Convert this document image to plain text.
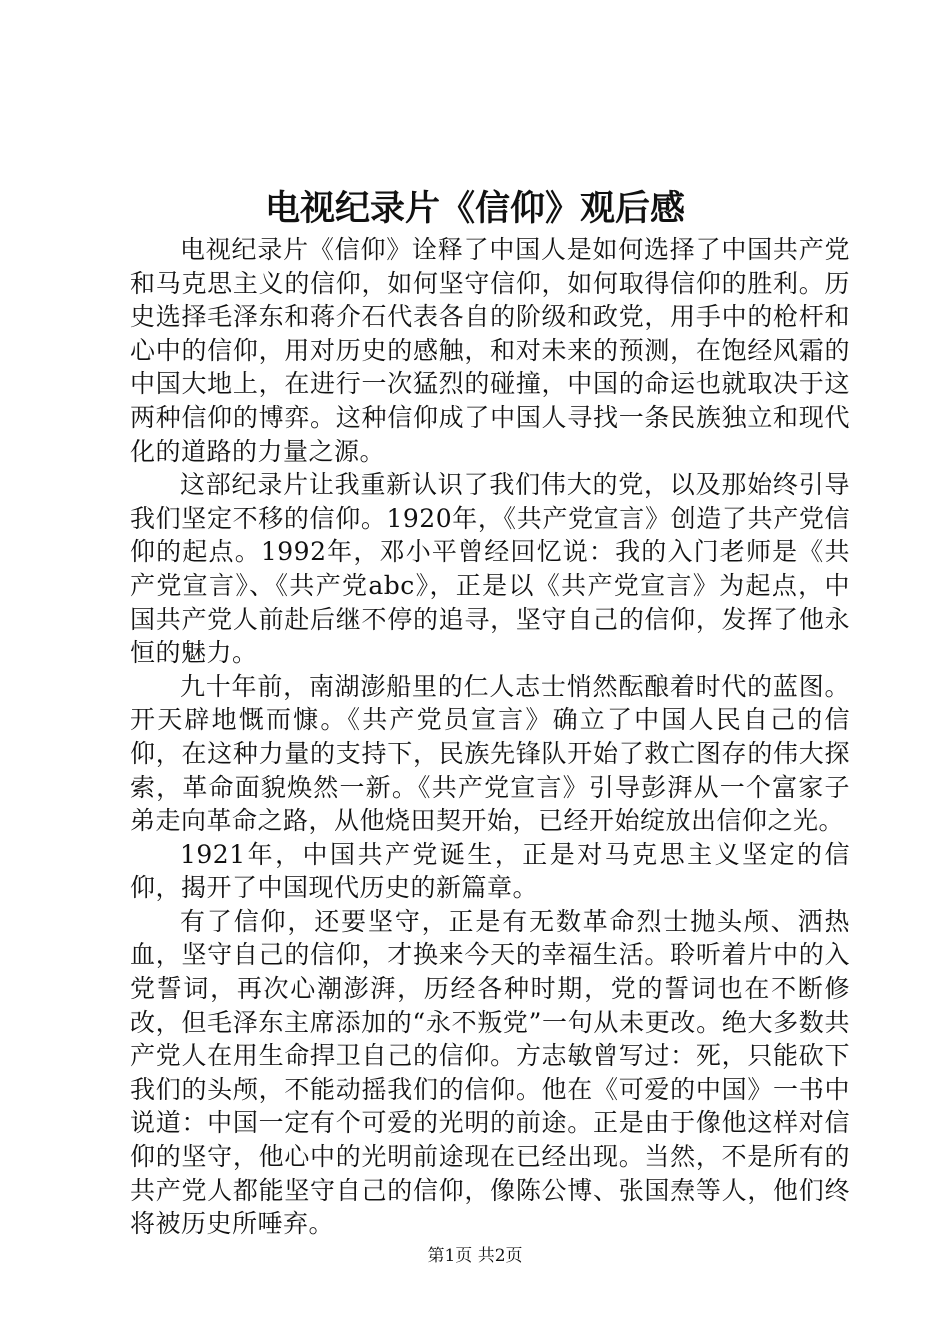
电视纪录片《信仰》观后感

电视纪录片《信仰》诠释了中国人是如何选择了中国共产党和马克思主义的信仰，如何坚守信仰，如何取得信仰的胜利。历史选择毛泽东和蒋介石代表各自的阶级和政党，用手中的枪杆和心中的信仰，用对历史的感触，和对未来的预测，在饱经风霜的中国大地上，在进行一次猛烈的碰撞，中国的命运也就取决于这两种信仰的博弈。这种信仰成了中国人寻找一条民族独立和现代化的道路的力量之源。

这部纪录片让我重新认识了我们伟大的党，以及那始终引导我们坚定不移的信仰。1920年，《共产党宣言》创造了共产党信仰的起点。1992年，邓小平曾经回忆说：我的入门老师是《共产党宣言》、《共产党abc》，正是以《共产党宣言》为起点，中国共产党人前赴后继不停的追寻，坚守自己的信仰，发挥了他永恒的魅力。

九十年前，南湖澎船里的仁人志士悄然酝酿着时代的蓝图。开天辟地慨而慷。《共产党员宣言》确立了中国人民自己的信仰，在这种力量的支持下，民族先锋队开始了救亡图存的伟大探索，革命面貌焕然一新。《共产党宣言》引导彭湃从一个富家子弟走向革命之路，从他烧田契开始，已经开始绽放出信仰之光。

1921年，中国共产党诞生，正是对马克思主义坚定的信仰，揭开了中国现代历史的新篇章。

有了信仰，还要坚守，正是有无数革命烈士抛头颅、洒热血，坚守自己的信仰，才换来今天的幸福生活。聆听着片中的入党誓词，再次心潮澎湃，历经各种时期，党的誓词也在不断修改，但毛泽东主席添加的“永不叛党”一句从未更改。绝大多数共产党人在用生命捍卫自己的信仰。方志敏曾写过：死，只能砍下我们的头颅，不能动摇我们的信仰。他在《可爱的中国》一书中说道：中国一定有个可爱的光明的前途。正是由于像他这样对信仰的坚守，他心中的光明前途现在已经出现。当然，不是所有的共产党人都能坚守自己的信仰，像陈公博、张国焘等人，他们终将被历史所唾弃。

第1页 共2页
